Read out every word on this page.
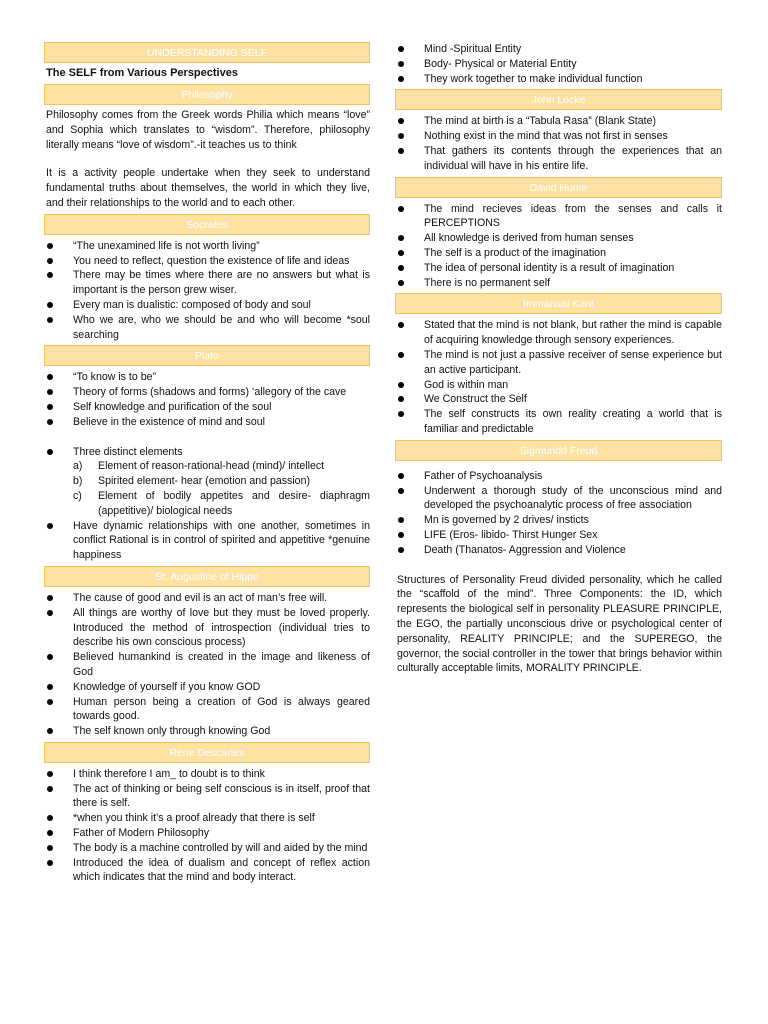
UNDERSTANDING SELF
The SELF from Various Perspectives
Philosophy
Philosophy comes from the Greek words Philia which means “love” and Sophia which translates to “wisdom”. Therefore, philosophy literally means “love of wisdom”.-it teaches us to think
It is a activity people undertake when they seek to understand fundamental truths about themselves, the world in which they live, and their relationships to the world and to each other.
Socrates
“The unexamined life is not worth living”
You need to reflect, question the existence of life and ideas
There may be times where there are no answers but what is important is the person grew wiser.
Every man is dualistic: composed of body and soul
Who we are, who we should be and who will become *soul searching
Plato
“To know is to be”
Theory of forms (shadows and forms) ‘allegory of the cave
Self knowledge and purification of the soul
Believe in the existence of mind and soul
Three distinct elements
a) Element of reason-rational-head (mind)/ intellect
b) Spirited element- hear (emotion and passion)
c) Element of bodily appetites and desire- diaphragm (appetitive)/ biological needs
Have dynamic relationships with one another, sometimes in conflict Rational is in control of spirited and appetitive *genuine happiness
St. Augustine of Hippo
The cause of good and evil is an act of man’s free will.
All things are worthy of love but they must be loved properly. Introduced the method of introspection (individual tries to describe his own conscious process)
Believed humankind is created in the image and likeness of God
Knowledge of yourself if you know GOD
Human person being a creation of God is always geared towards good.
The self known only through knowing God
Rene Descartes
I think therefore I am_ to doubt is to think
The act of thinking or being self conscious is in itself, proof that there is self.
*when you think it’s a proof already that there is self
Father of Modern Philosophy
The body is a machine controlled by will and aided by the mind
Introduced the idea of dualism and concept of reflex action which indicates that the mind and body interact.
Mind -Spiritual Entity
Body- Physical or Material Entity
They work together to make individual function
John Locke
The mind at birth is a “Tabula Rasa” (Blank State)
Nothing exist in the mind that was not first in senses
That gathers its contents through the experiences that an individual will have in his entire life.
David Hume
The mind recieves ideas from the senses and calls it PERCEPTIONS
All knowledge is derived from human senses
The self is a product of the imagination
The idea of personal identity is a result of imagination
There is no permanent self
Immanual Kant
Stated that the mind is not blank, but rather the mind is capable of acquiring knowledge through sensory experiences.
The mind is not just a passive receiver of sense experience but an active participant.
God is within man
We Construct the Self
The self constructs its own reality creating a world that is familiar and predictable
Sigmundd Freud
Father of Psychoanalysis
Underwent a thorough study of the unconscious mind and developed the psychoanalytic process of free association
Mn is governed by 2 drives/ insticts
LIFE (Eros- libido- Thirst Hunger Sex
Death (Thanatos- Aggression and Violence
Structures of Personality Freud divided personality, which he called the “scaffold of the mind”. Three Components: the ID, which represents the biological self in personality PLEASURE PRINCIPLE, the EGO, the partially unconscious drive or psychological center of personality, REALITY PRINCIPLE; and the SUPEREGO, the governor, the social controller in the tower that brings behavior within culturally acceptable limits, MORALITY PRINCIPLE.
